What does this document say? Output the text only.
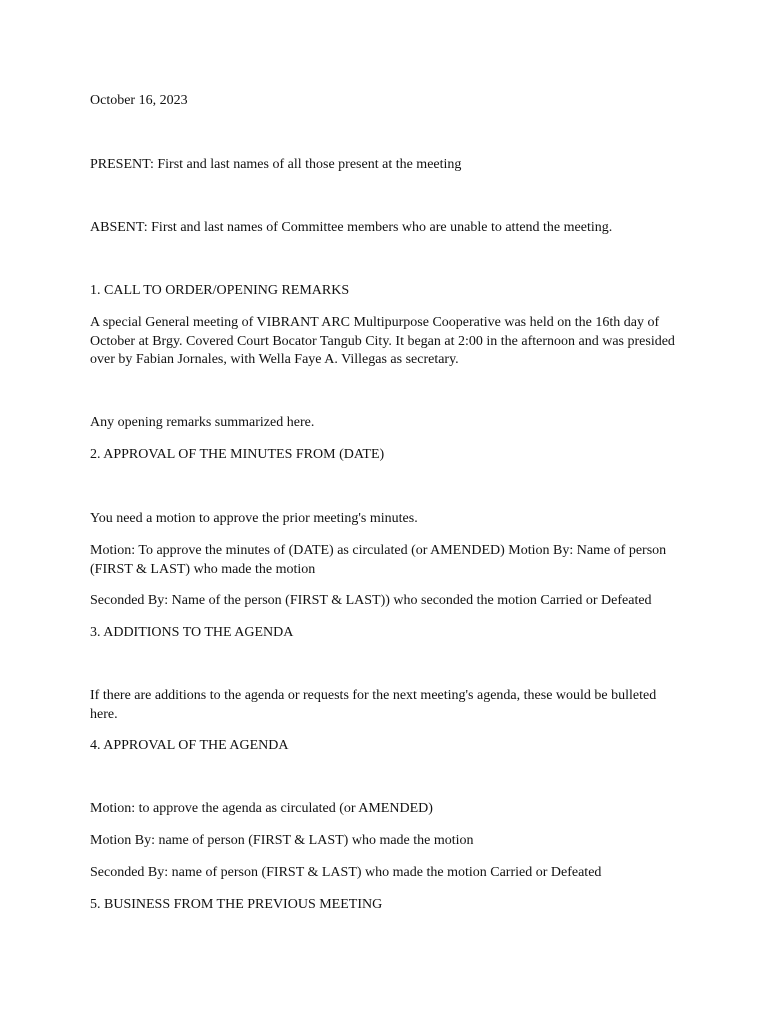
October 16, 2023

PRESENT: First and last names of all those present at the meeting

ABSENT: First and last names of Committee members who are unable to attend the meeting.

1. CALL TO ORDER/OPENING REMARKS

A special General meeting of VIBRANT ARC Multipurpose Cooperative was held on the 16th day of October at Brgy. Covered Court Bocator Tangub City. It began at 2:00 in the afternoon and was presided over by Fabian Jornales, with Wella Faye A. Villegas as secretary.

Any opening remarks summarized here.

2. APPROVAL OF THE MINUTES FROM (DATE)

You need a motion to approve the prior meeting's minutes.

Motion: To approve the minutes of (DATE) as circulated (or AMENDED) Motion By: Name of person (FIRST & LAST) who made the motion

Seconded By: Name of the person (FIRST & LAST)) who seconded the motion Carried or Defeated

3. ADDITIONS TO THE AGENDA

If there are additions to the agenda or requests for the next meeting's agenda, these would be bulleted here.

4. APPROVAL OF THE AGENDA

Motion: to approve the agenda as circulated (or AMENDED)

Motion By: name of person (FIRST & LAST) who made the motion

Seconded By: name of person (FIRST & LAST) who made the motion Carried or Defeated

5. BUSINESS FROM THE PREVIOUS MEETING
